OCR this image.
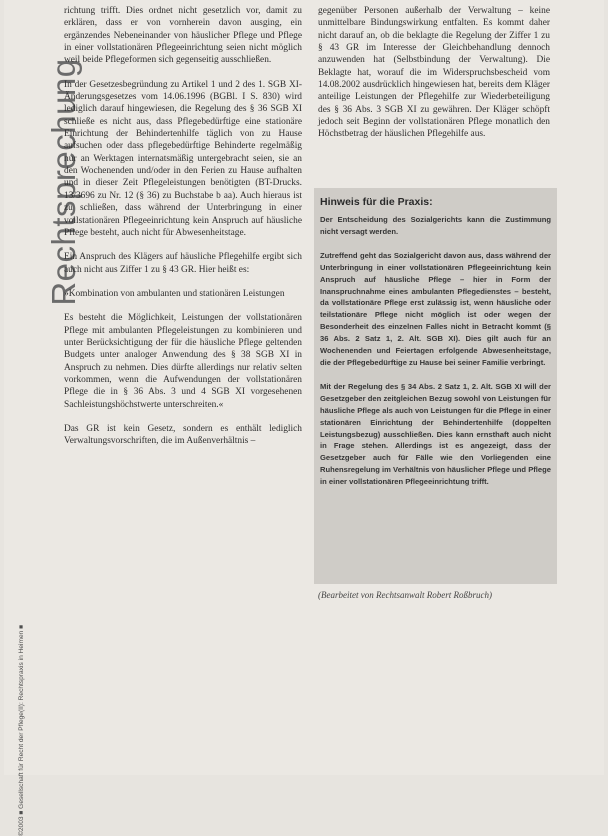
Rechtsprechung
©2003 ■ Gesellschaft für Recht der Pflege(II): Rechtspraxis in Heimen ■

richtung trifft. Dies ordnet nicht gesetzlich vor, damit zu erklären, dass er von vornherein davon ausging, ein ergänzendes Nebeneinander von häuslicher Pflege und Pflege in einer vollstationären Pflegeeinrichtung seien nicht möglich weil beide Pflegeformen sich gegenseitig ausschließen.

In der Gesetzesbegründung zu Artikel 1 und 2 des 1. SGB XI-Änderungsgesetzes vom 14.06.1996 (BGBl. I S. 830) wird lediglich darauf hingewiesen, die Regelung des § 36 SGB XI schließe es nicht aus, dass Pflegebedürftige eine stationäre Einrichtung der Behindertenhilfe täglich von zu Hause aufsuchen oder dass pflegebedürftige Behinderte regelmäßig nur an Werktagen internatsmäßig untergebracht seien, sie an den Wochenenden und/oder in den Ferien zu Hause aufhalten und in dieser Zeit Pflegeleistungen benötigten (BT-Drucks. 13/3696 zu Nr. 12 (§ 36) zu Buchstabe b aa). Auch hieraus ist zu schließen, dass während der Unterbringung in einer vollstationären Pflegeeinrichtung kein Anspruch auf häusliche Pflege besteht, auch nicht für Abwesenheitstage.

Ein Anspruch des Klägers auf häusliche Pflegehilfe ergibt sich auch nicht aus Ziffer 1 zu § 43 GR. Hier heißt es:

»Kombination von ambulanten und stationären Leistungen

Es besteht die Möglichkeit, Leistungen der vollstationären Pflege mit ambulanten Pflegeleistungen zu kombinieren und unter Berücksichtigung der für die häusliche Pflege geltenden Budgets unter analoger Anwendung des § 38 SGB XI in Anspruch zu nehmen. Dies dürfte allerdings nur relativ selten vorkommen, wenn die Aufwendungen der vollstationären Pflege die in § 36 Abs. 3 und 4 SGB XI vorgesehenen Sachleistungshöchstwerte unterschreiten.«

Das GR ist kein Gesetz, sondern es enthält lediglich Verwaltungsvorschriften, die im Außenverhältnis –

gegenüber Personen außerhalb der Verwaltung – keine unmittelbare Bindungswirkung entfalten. Es kommt daher nicht darauf an, ob die beklagte die Regelung der Ziffer 1 zu § 43 GR im Interesse der Gleichbehandlung dennoch anzuwenden hat (Selbstbindung der Verwaltung). Die Beklagte hat, worauf die im Widerspruchsbescheid vom 14.08.2002 ausdrücklich hingewiesen hat, bereits dem Kläger anteilige Leistungen der Pflegehilfe zur Wiederbeteiligung des § 36 Abs. 3 SGB XI zu gewähren. Der Kläger schöpft jedoch seit Beginn der vollstationären Pflege monatlich den Höchstbetrag der häuslichen Pflegehilfe aus.

Hinweis für die Praxis:

Der Entscheidung des Sozialgerichts kann die Zustimmung nicht versagt werden.

Zutreffend geht das Sozialgericht davon aus, dass während der Unterbringung in einer vollstationären Pflegeeinrichtung kein Anspruch auf häusliche Pflege – hier in Form der Inanspruchnahme eines ambulanten Pflegedienstes – besteht, da vollstationäre Pflege erst zulässig ist, wenn häusliche oder teilstationäre Pflege nicht möglich ist oder wegen der Besonderheit des einzelnen Falles nicht in Betracht kommt (§ 36 Abs. 2 Satz 1, 2. Alt. SGB XI). Dies gilt auch für an Wochenenden und Feiertagen erfolgende Abwesenheitstage, die der Pflegebedürftige zu Hause bei seiner Familie verbringt.

Mit der Regelung des § 34 Abs. 2 Satz 1, 2. Alt. SGB XI will der Gesetzgeber den zeitgleichen Bezug sowohl von Leistungen für häusliche Pflege als auch von Leistungen für die Pflege in einer stationären Einrichtung der Behindertenhilfe (doppelten Leistungsbezug) ausschließen. Dies kann ernsthaft auch nicht in Frage stehen. Allerdings ist es angezeigt, dass der Gesetzgeber auch für Fälle wie den Vorliegenden eine Ruhensregelung im Verhältnis von häuslicher Pflege und Pflege in einer vollstationären Pflegeeinrichtung trifft.

(Bearbeitet von Rechtsanwalt Robert Roßbruch)
